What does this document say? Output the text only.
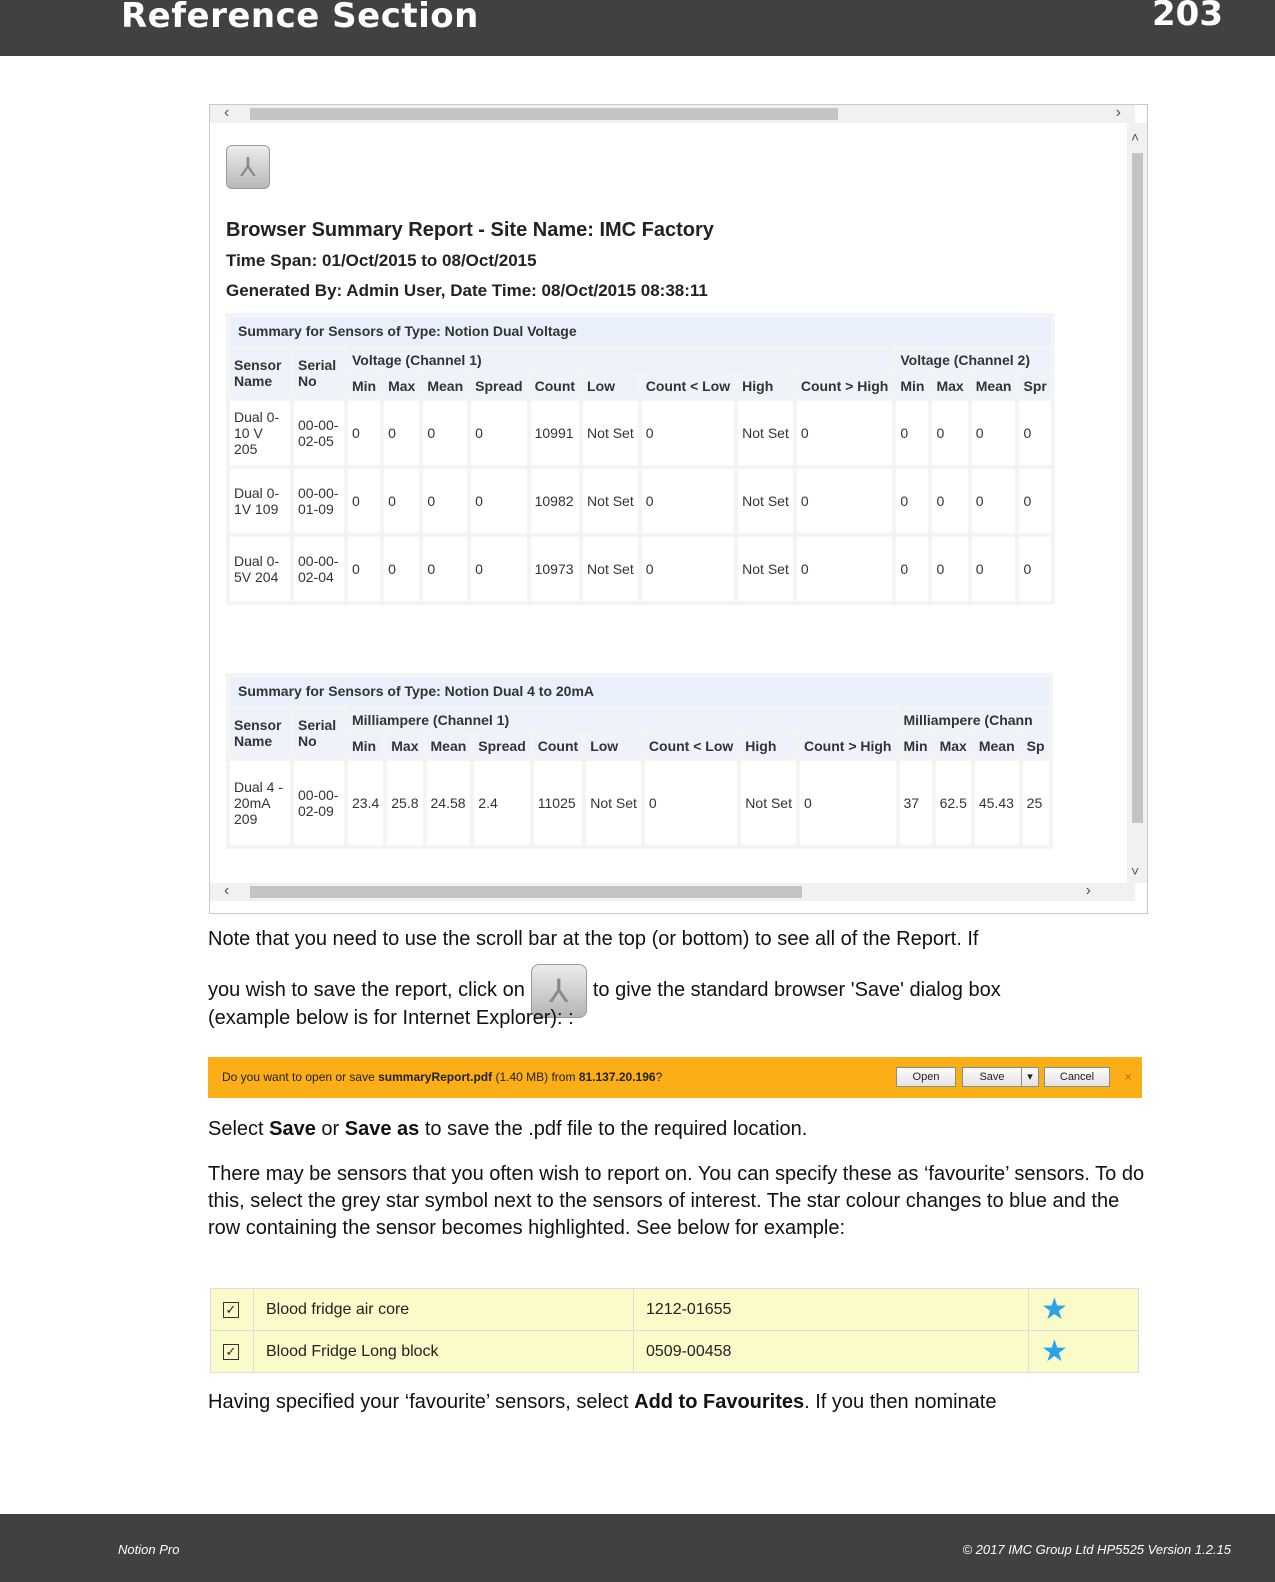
Reference Section	203
‹	›
˄
˅
⅄
Browser Summary Report - Site Name: IMC Factory
Time Span: 01/Oct/2015 to 08/Oct/2015
Generated By: Admin User, Date Time: 08/Oct/2015 08:38:11
Summary for Sensors of Type: Notion Dual Voltage														
Sensor Name	Serial No	Voltage (Channel 1)									Voltage (Channel 2)			
		Min	Max	Mean	Spread	Count	Low	Count < Low	High	Count > High	Min	Max	Mean	Spr
Dual 0-10 V 205	00-00-02-05	0	0	0	0	10991	Not Set	0	Not Set	0	0	0	0	0
Dual 0-1V 109	00-00-01-09	0	0	0	0	10982	Not Set	0	Not Set	0	0	0	0	0
Dual 0-5V 204	00-00-02-04	0	0	0	0	10973	Not Set	0	Not Set	0	0	0	0	0
Summary for Sensors of Type: Notion Dual 4 to 20mA														
Sensor Name	Serial No	Milliampere (Channel 1)									Milliampere (Chann			
		Min	Max	Mean	Spread	Count	Low	Count < Low	High	Count > High	Min	Max	Mean	Sp
Dual 4 - 20mA 209	00-00-02-09	23.4	25.8	24.58	2.4	11025	Not Set	0	Not Set	0	37	62.5	45.43	25
‹	›
Note that you need to use the scroll bar at the top (or bottom) to see all of the Report. If
you wish to save the report, click on ⅄ to give the standard browser 'Save' dialog box
(example below is for Internet Explorer): :
Do you want to open or save summaryReport.pdf (1.40 MB) from 81.137.20.196?	Open	Save	▾	Cancel	×
Select Save or Save as to save the .pdf file to the required location.
There may be sensors that you often wish to report on. You can specify these as ‘favourite’ sensors. To do this, select the grey star symbol next to the sensors of interest. The star colour changes to blue and the row containing the sensor becomes highlighted. See below for example:
✓	Blood fridge air core	1212-01655	★
✓	Blood Fridge Long block	0509-00458	★
Having specified your ‘favourite’ sensors, select Add to Favourites. If you then nominate
Notion Pro	© 2017 IMC Group Ltd HP5525 Version 1.2.15
